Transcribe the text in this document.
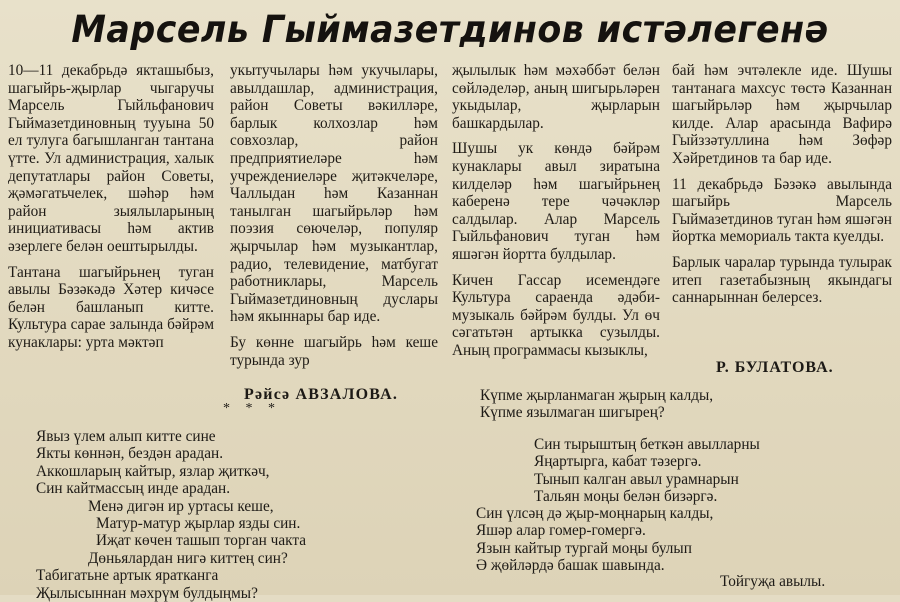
Марсель Гыймазетдинов истәлегенә

10—11 декабрьдә якташыбыз, шагыйрь-җырлар чыгаручы Марсель Гыйльфанович Гыймазетдиновның тууына 50 ел тулуга багышланган тантана үтте. Ул администрация, халык депутатлары район Советы, җәмәгатьчелек, шәһәр һәм район зыялыларының инициативасы һәм актив әзерлеге белән оештырылды.

Тантана шагыйрьнең туган авылы Бәзәкәдә Хәтер кичәсе белән башланып китте. Культура сарае залында бәйрәм кунаклары: урта мәктәп

укытучылары һәм укучылары, авылдашлар, администрация, район Советы вәкилләре, барлык колхозлар һәм совхозлар, район предприятиеләре һәм учреждениеләре җитәкчеләре, Чаллыдан һәм Казаннан танылган шагыйрьләр һәм поэзия сөючеләр, популяр җырчылар һәм музыкантлар, радио, телевидение, матбугат работниклары, Марсель Гыймазетдиновның дуслары һәм якыннары бар иде.

Бу көнне шагыйрь һәм кеше турында зур

җылылык һәм мәхәббәт белән сөйләделәр, аның шигырьләрен укыдылар, җырларын башкардылар.

Шушы ук көндә бәйрәм кунаклары авыл зиратына килделәр һәм шагыйрьнең каберенә тере чәчәкләр салдылар. Алар Марсель Гыйльфанович туган һәм яшәгән йортта булдылар.

Кичен Гассар исемендәге Культура сараенда әдәби-музыкаль бәйрәм булды. Ул өч сәгатьтән артыкка сузылды. Аның программасы кызыклы,

бай һәм эчтәлекле иде. Шушы тантанага махсус төстә Казаннан шагыйрьләр һәм җырчылар килде. Алар арасында Вафирә Гыйззәтуллина һәм Зөфәр Хәйретдинов та бар иде.

11 декабрьдә Бәзәкә авылында шагыйрь Марсель Гыймазетдинов туган һәм яшәгән йортка мемориаль такта куелды.

Барлык чаралар турында тулырак итеп газетабызның якындагы саннарыннан белерсез.

Р. БУЛАТОВА.

Рәйсә АВЗАЛОВА.

* * *

Явыз үлем алып китте сине
Якты көннән, бездән арадан.
Аккошларың кайтыр, язлар җиткәч,
Син кайтмассың инде арадан.
Менә дигән ир уртасы кеше,
Матур-матур җырлар язды син.
Иҗат көчен ташып торган чакта
Дөньялардан нигә киттең син?
Табигатьне артык яратканга
Җылысыннан мәхрүм булдыңмы?
Күпме җырланмаган җырың калды,
Күпме язылмаган шигырең?
Син тырыштың беткән авылларны
Яңартырга, кабат тәзергә.
Тынып калган авыл урамнарын
Тальян моңы белән бизәргә.
Син үлсәң дә җыр-моңнарың калды,
Яшәр алар гомер-гомергә.
Язын кайтыр тургай моңы булып
Ә җөйләрдә башак шавында.

Тойгуҗа авылы.
